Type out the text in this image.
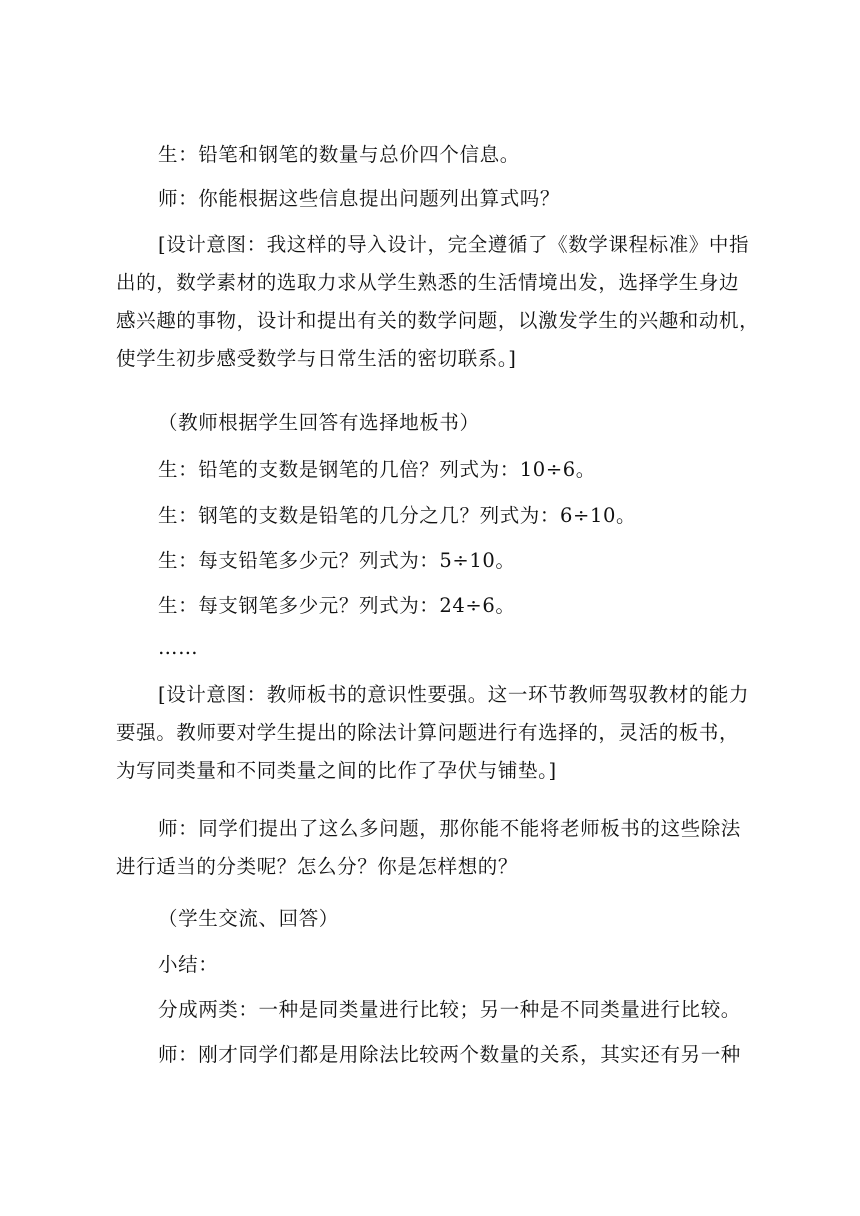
生：铅笔和钢笔的数量与总价四个信息。
师：你能根据这些信息提出问题列出算式吗？
[设计意图：我这样的导入设计，完全遵循了《数学课程标准》中指
出的，数学素材的选取力求从学生熟悉的生活情境出发，选择学生身边
感兴趣的事物，设计和提出有关的数学问题，以激发学生的兴趣和动机，
使学生初步感受数学与日常生活的密切联系。]
（教师根据学生回答有选择地板书）
生：铅笔的支数是钢笔的几倍？列式为：10÷6。
生：钢笔的支数是铅笔的几分之几？列式为：6÷10。
生：每支铅笔多少元？列式为：5÷10。
生：每支钢笔多少元？列式为：24÷6。
……
[设计意图：教师板书的意识性要强。这一环节教师驾驭教材的能力
要强。教师要对学生提出的除法计算问题进行有选择的，灵活的板书，
为写同类量和不同类量之间的比作了孕伏与铺垫。]
师：同学们提出了这么多问题，那你能不能将老师板书的这些除法
进行适当的分类呢？怎么分？你是怎样想的？
（学生交流、回答）
小结：
分成两类：一种是同类量进行比较；另一种是不同类量进行比较。
师：刚才同学们都是用除法比较两个数量的关系，其实还有另一种
